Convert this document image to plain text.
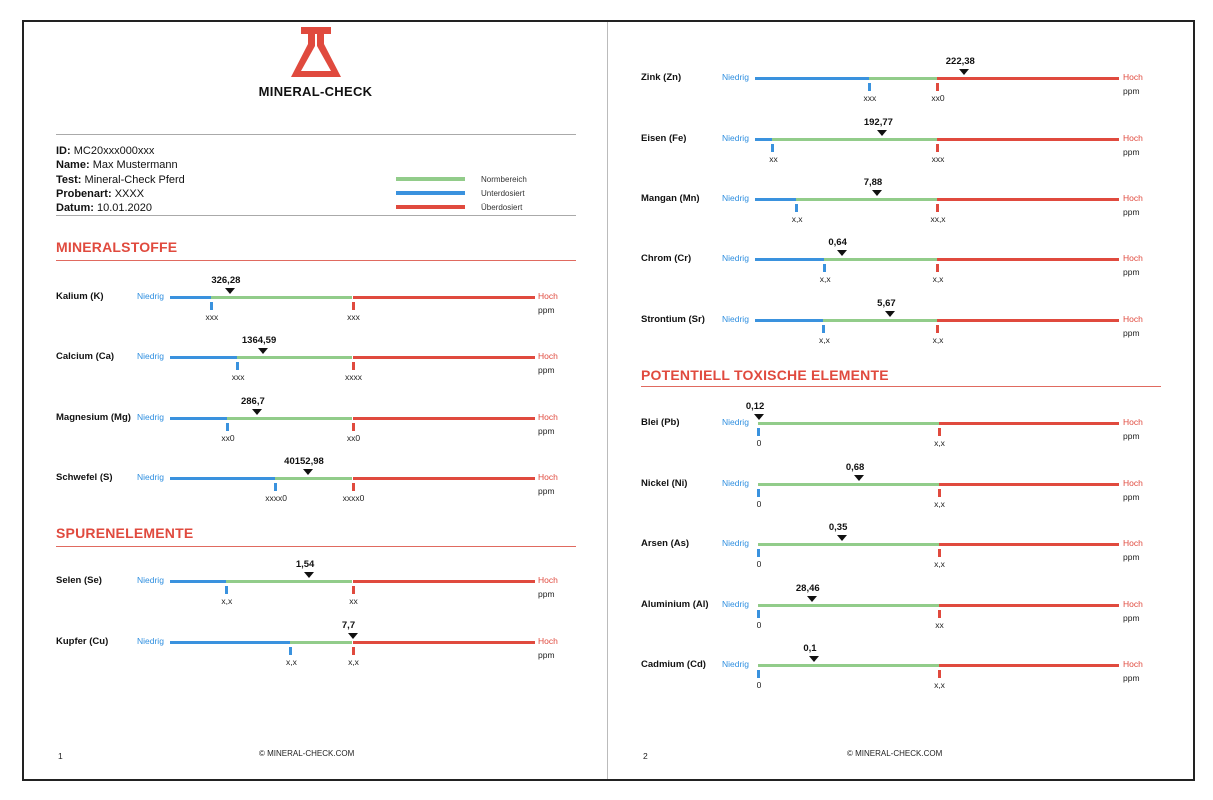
MINERAL-CHECK
ID: MC20xxx000xxx
Name: Max Mustermann
Test: Mineral-Check Pferd
Probenart: XXXX
Datum: 10.01.2020
Normbereich
Unterdosiert
Überdosiert
MINERALSTOFFE
SPURENELEMENTE
1	© MINERAL-CHECK.COM
Kalium (K)	Niedrig	Hoch
ppm
xxx	xxx
326,28
Calcium (Ca)	Niedrig	Hoch
ppm
xxx	xxxx
1364,59
Magnesium (Mg) Niedrig	Hoch
ppm
xx0	xx0
286,7
Schwefel (S)	Niedrig	Hoch
ppm
xxxx0	xxxx0
40152,98
Selen (Se)	Niedrig	Hoch
ppm
x,x	xx
1,54
Kupfer (Cu)	Niedrig	Hoch
ppm
x,x	x,x
7,7
POTENTIELL TOXISCHE ELEMENTE
2	© MINERAL-CHECK.COM
Zink (Zn)	Niedrig	Hoch
ppm
xxx	xx0
222,38
Eisen (Fe)	Niedrig	Hoch
ppm
xx	xxx
192,77
Mangan (Mn)	Niedrig	Hoch
ppm
x,x	xx,x
7,88
Chrom (Cr)	Niedrig	Hoch
ppm
x,x	x,x
0,64
Strontium (Sr) Niedrig	Hoch
ppm
x,x	x,x
5,67
Blei (Pb)	Niedrig	Hoch
ppm
0	x,x
0,12
Nickel (Ni)	Niedrig	Hoch
ppm
0	x,x
0,68
Arsen (As)	Niedrig	Hoch
ppm
0	x,x
0,35
Aluminium (Al) Niedrig	Hoch
ppm
0	xx
28,46
Cadmium (Cd) Niedrig	Hoch
ppm
0	x,x
0,1
